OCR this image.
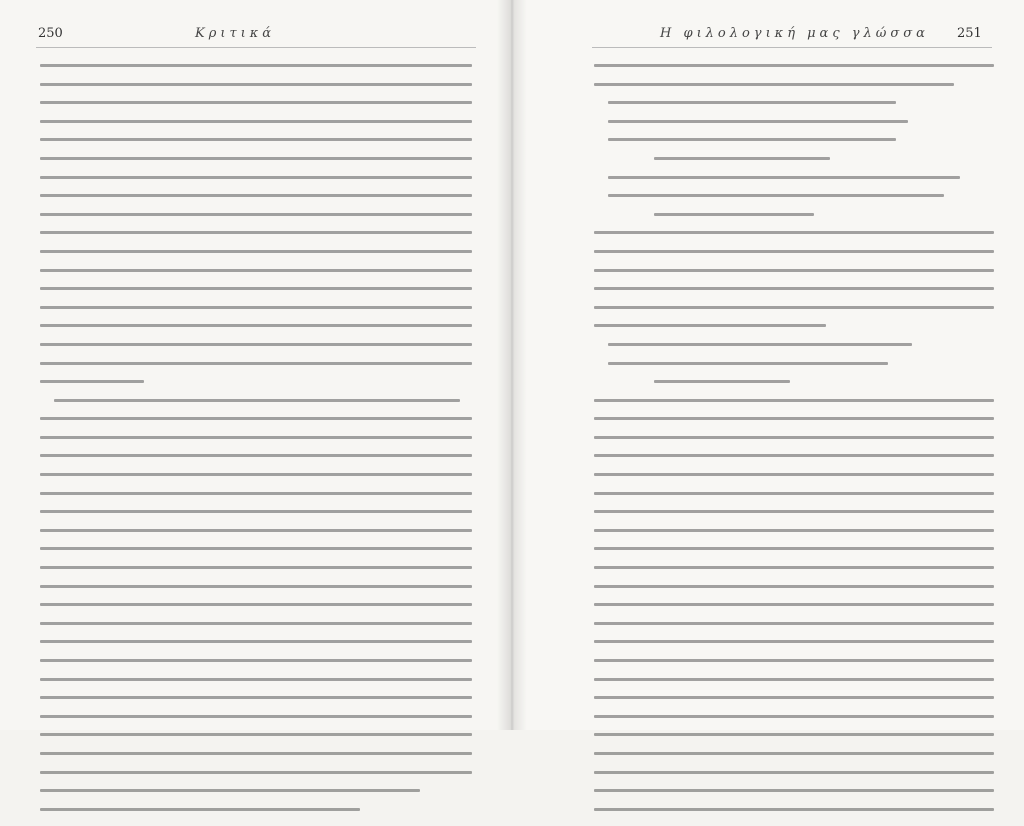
250	Κριτικά	Η φιλολογική μας γλώσσα 251
